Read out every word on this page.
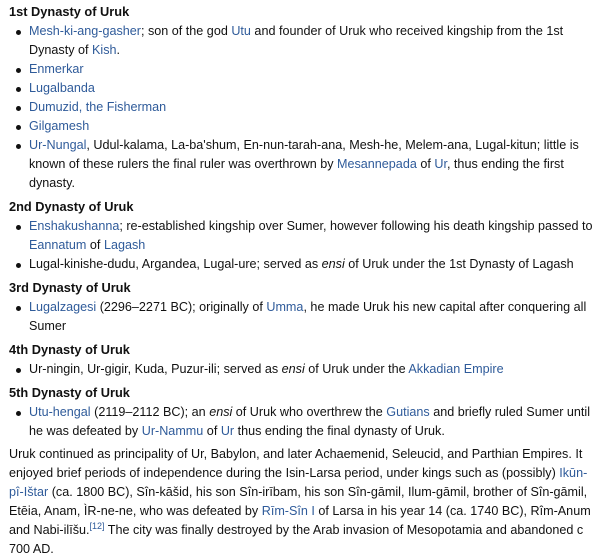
1st Dynasty of Uruk
Mesh-ki-ang-gasher; son of the god Utu and founder of Uruk who received kingship from the 1st Dynasty of Kish.
Enmerkar
Lugalbanda
Dumuzid, the Fisherman
Gilgamesh
Ur-Nungal, Udul-kalama, La-ba'shum, En-nun-tarah-ana, Mesh-he, Melem-ana, Lugal-kitun; little is known of these rulers the final ruler was overthrown by Mesannepada of Ur, thus ending the first dynasty.
2nd Dynasty of Uruk
Enshakushanna; re-established kingship over Sumer, however following his death kingship passed to Eannatum of Lagash
Lugal-kinishe-dudu, Argandea, Lugal-ure; served as ensi of Uruk under the 1st Dynasty of Lagash
3rd Dynasty of Uruk
Lugalzagesi (2296–2271 BC); originally of Umma, he made Uruk his new capital after conquering all Sumer
4th Dynasty of Uruk
Ur-ningin, Ur-gigir, Kuda, Puzur-ili; served as ensi of Uruk under the Akkadian Empire
5th Dynasty of Uruk
Utu-hengal (2119–2112 BC); an ensi of Uruk who overthrew the Gutians and briefly ruled Sumer until he was defeated by Ur-Nammu of Ur thus ending the final dynasty of Uruk.

Uruk continued as principality of Ur, Babylon, and later Achaemenid, Seleucid, and Parthian Empires. It enjoyed brief periods of independence during the Isin-Larsa period, under kings such as (possibly) Ikūn-pî-Ištar (ca. 1800 BC), Sîn-kāšid, his son Sîn-irībam, his son Sîn-gāmil, Ilum-gāmil, brother of Sîn-gāmil, Etēia, Anam, ÌR-ne-ne, who was defeated by Rīm-Sîn I of Larsa in his year 14 (ca. 1740 BC), Rîm-Anum and Nabi-ilīšu.[12] The city was finally destroyed by the Arab invasion of Mesopotamia and abandoned c 700 AD.
